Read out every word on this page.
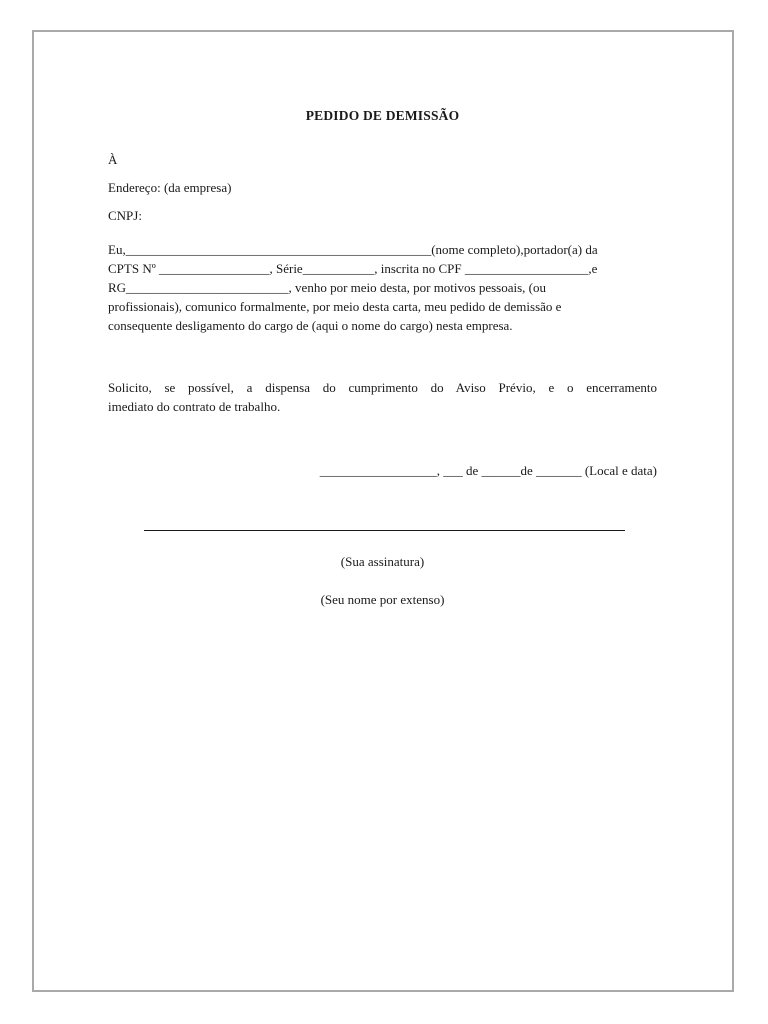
PEDIDO DE DEMISSÃO
À
Endereço: (da empresa)
CNPJ:
Eu,_______________________________________________(nome completo),portador(a) da
CPTS Nº _________________, Série___________, inscrita no CPF ___________________,e
RG_________________________, venho por meio desta, por motivos pessoais, (ou
profissionais), comunico formalmente, por meio desta carta, meu pedido de demissão e
consequente desligamento do cargo de (aqui o nome do cargo) nesta empresa.
Solicito, se possível, a dispensa do cumprimento do Aviso Prévio, e o encerramento
imediato do contrato de trabalho.
__________________, ___ de ______de _______ (Local e data)
(Sua assinatura)
(Seu nome por extenso)
